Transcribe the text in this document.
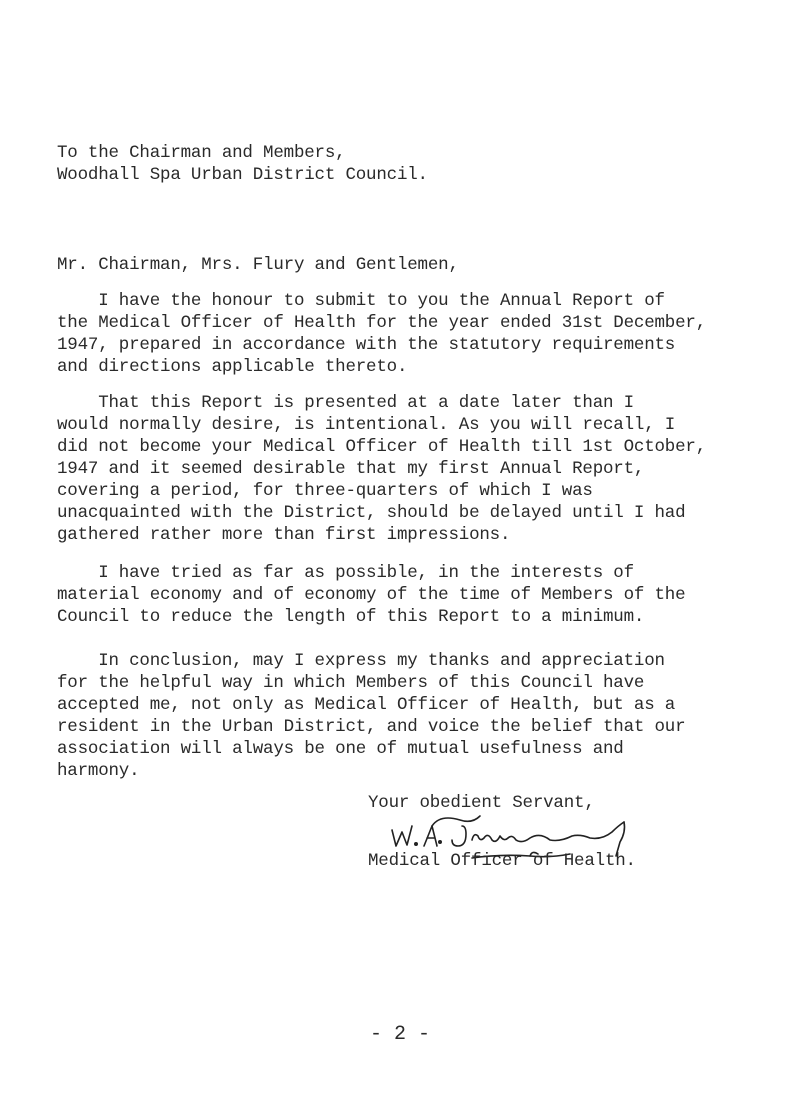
To the Chairman and Members,
Woodhall Spa Urban District Council.
Mr. Chairman, Mrs. Flury and Gentlemen,
I have the honour to submit to you the Annual Report of
the Medical Officer of Health for the year ended 31st December,
1947, prepared in accordance with the statutory requirements
and directions applicable thereto.
That this Report is presented at a date later than I
would normally desire, is intentional. As you will recall, I
did not become your Medical Officer of Health till 1st October,
1947 and it seemed desirable that my first Annual Report,
covering a period, for three-quarters of which I was
unacquainted with the District, should be delayed until I had
gathered rather more than first impressions.
I have tried as far as possible, in the interests of
material economy and of economy of the time of Members of the
Council to reduce the length of this Report to a minimum.
In conclusion, may I express my thanks and appreciation
for the helpful way in which Members of this Council have
accepted me, not only as Medical Officer of Health, but as a
resident in the Urban District, and voice the belief that our
association will always be one of mutual usefulness and
harmony.
Your obedient Servant,
Medical Officer of Health.
- 2 -
